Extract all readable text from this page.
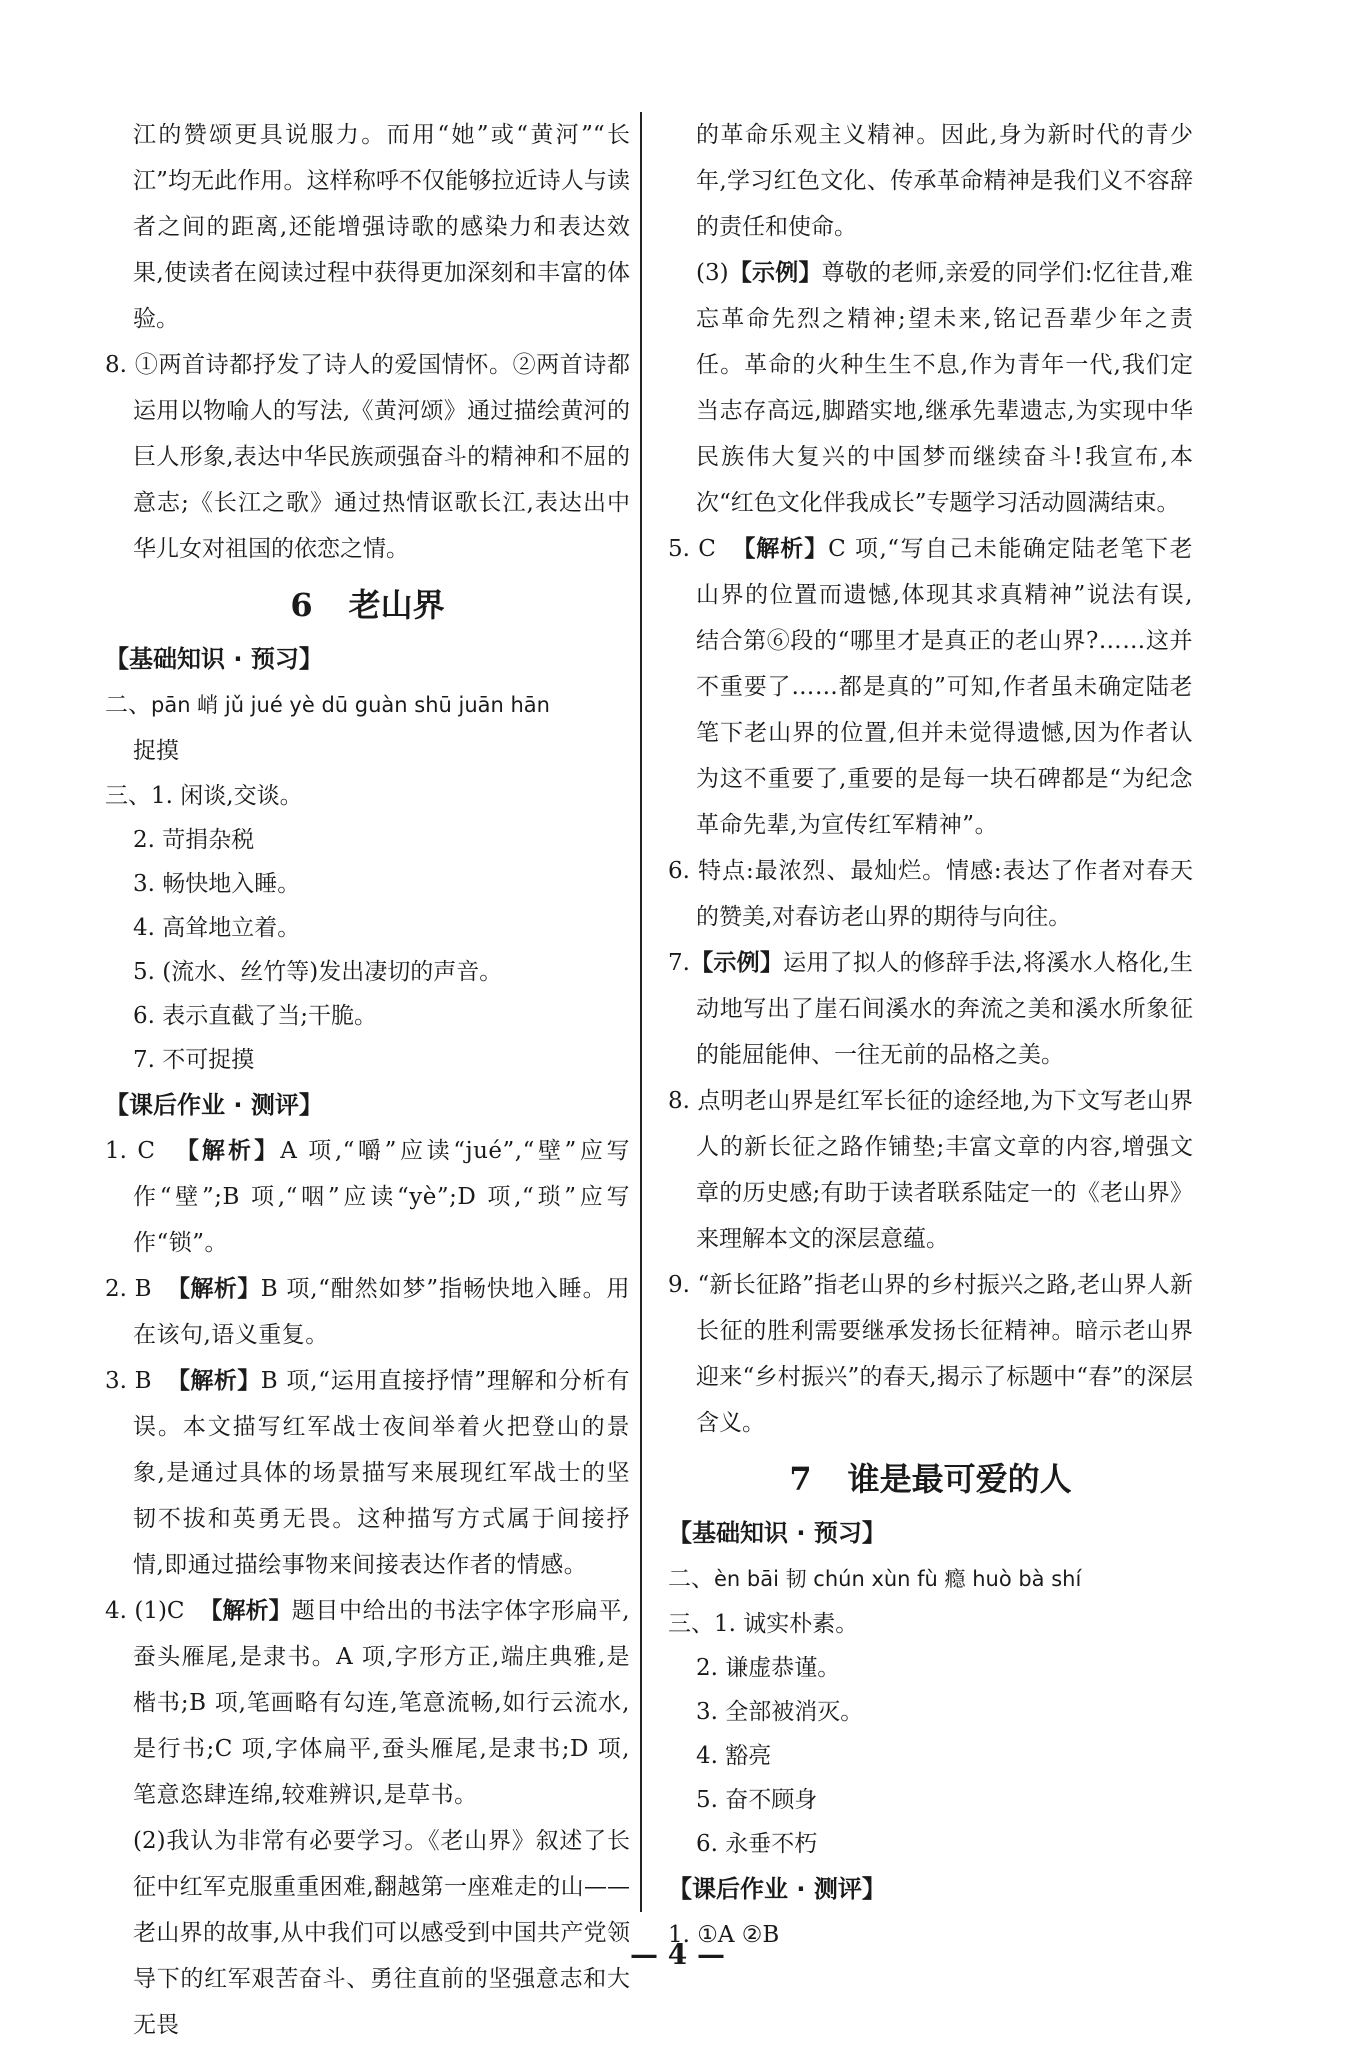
江的赞颂更具说服力。而用“她”或“黄河”“长江”均无此作用。这样称呼不仅能够拉近诗人与读者之间的距离,还能增强诗歌的感染力和表达效果,使读者在阅读过程中获得更加深刻和丰富的体验。

8. ①两首诗都抒发了诗人的爱国情怀。②两首诗都运用以物喻人的写法,《黄河颂》通过描绘黄河的巨人形象,表达中华民族顽强奋斗的精神和不屈的意志;《长江之歌》通过热情讴歌长江,表达出中华儿女对祖国的依恋之情。

6 老山界
【基础知识 · 预习】

二、pān 峭 jǔ jué yè dū guàn shū juān hān

捉摸

三、1. 闲谈,交谈。

2. 苛捐杂税

3. 畅快地入睡。

4. 高耸地立着。

5. (流水、丝竹等)发出凄切的声音。

6. 表示直截了当;干脆。

7. 不可捉摸

【课后作业 · 测评】

1. C 【解析】A 项,“嚼”应读“jué”,“壁”应写作“壁”;B 项,“咽”应读“yè”;D 项,“琐”应写作“锁”。

2. B 【解析】B 项,“酣然如梦”指畅快地入睡。用在该句,语义重复。

3. B 【解析】B 项,“运用直接抒情”理解和分析有误。本文描写红军战士夜间举着火把登山的景象,是通过具体的场景描写来展现红军战士的坚韧不拔和英勇无畏。这种描写方式属于间接抒情,即通过描绘事物来间接表达作者的情感。

4. (1)C 【解析】题目中给出的书法字体字形扁平,蚕头雁尾,是隶书。A 项,字形方正,端庄典雅,是楷书;B 项,笔画略有勾连,笔意流畅,如行云流水,是行书;C 项,字体扁平,蚕头雁尾,是隶书;D 项,笔意恣肆连绵,较难辨识,是草书。

(2)我认为非常有必要学习。《老山界》叙述了长征中红军克服重重困难,翻越第一座难走的山——老山界的故事,从中我们可以感受到中国共产党领导下的红军艰苦奋斗、勇往直前的坚强意志和大无畏

的革命乐观主义精神。因此,身为新时代的青少年,学习红色文化、传承革命精神是我们义不容辞的责任和使命。

(3)【示例】尊敬的老师,亲爱的同学们:忆往昔,难忘革命先烈之精神;望未来,铭记吾辈少年之责任。革命的火种生生不息,作为青年一代,我们定当志存高远,脚踏实地,继承先辈遗志,为实现中华民族伟大复兴的中国梦而继续奋斗!我宣布,本次“红色文化伴我成长”专题学习活动圆满结束。

5. C 【解析】C 项,“写自己未能确定陆老笔下老山界的位置而遗憾,体现其求真精神”说法有误,结合第⑥段的“哪里才是真正的老山界?……这并不重要了……都是真的”可知,作者虽未确定陆老笔下老山界的位置,但并未觉得遗憾,因为作者认为这不重要了,重要的是每一块石碑都是“为纪念革命先辈,为宣传红军精神”。

6. 特点:最浓烈、最灿烂。情感:表达了作者对春天的赞美,对春访老山界的期待与向往。

7.【示例】运用了拟人的修辞手法,将溪水人格化,生动地写出了崖石间溪水的奔流之美和溪水所象征的能屈能伸、一往无前的品格之美。

8. 点明老山界是红军长征的途经地,为下文写老山界人的新长征之路作铺垫;丰富文章的内容,增强文章的历史感;有助于读者联系陆定一的《老山界》来理解本文的深层意蕴。

9. “新长征路”指老山界的乡村振兴之路,老山界人新长征的胜利需要继承发扬长征精神。暗示老山界迎来“乡村振兴”的春天,揭示了标题中“春”的深层含义。

7 谁是最可爱的人
【基础知识 · 预习】

二、èn bāi 韧 chún xùn fù 瘾 huò bà shí

三、1. 诚实朴素。

2. 谦虚恭谨。

3. 全部被消灭。

4. 豁亮

5. 奋不顾身

6. 永垂不朽

【课后作业 · 测评】

1. ①A ②B

— 4 —
